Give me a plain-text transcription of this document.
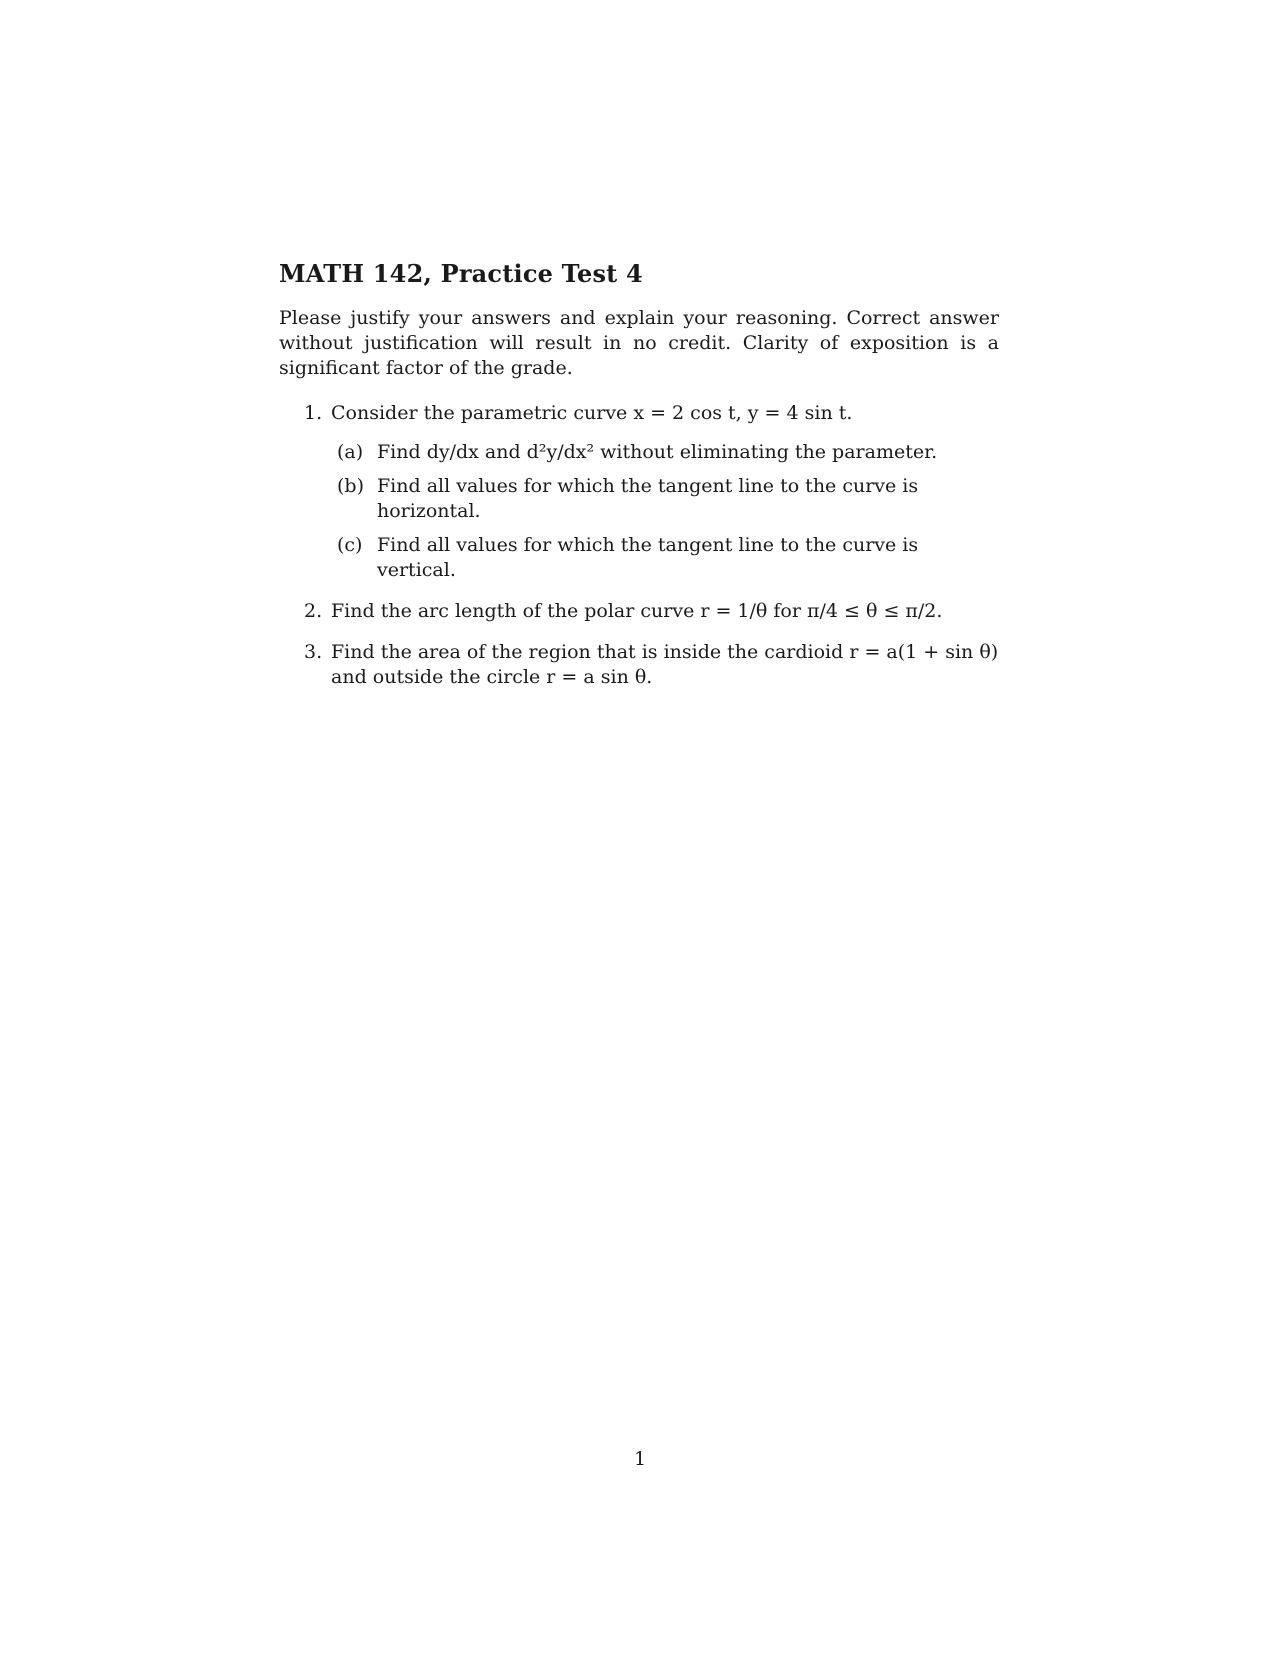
MATH 142, Practice Test 4

Please justify your answers and explain your reasoning. Correct answer without justification will result in no credit. Clarity of exposition is a significant factor of the grade.

1. Consider the parametric curve x = 2 cos t, y = 4 sin t.
(a) Find dy/dx and d²y/dx² without eliminating the parameter.
(b) Find all values for which the tangent line to the curve is horizontal.
(c) Find all values for which the tangent line to the curve is vertical.
2. Find the arc length of the polar curve r = 1/θ for π/4 ≤ θ ≤ π/2.
3. Find the area of the region that is inside the cardioid r = a(1 + sin θ) and outside the circle r = a sin θ.
1
